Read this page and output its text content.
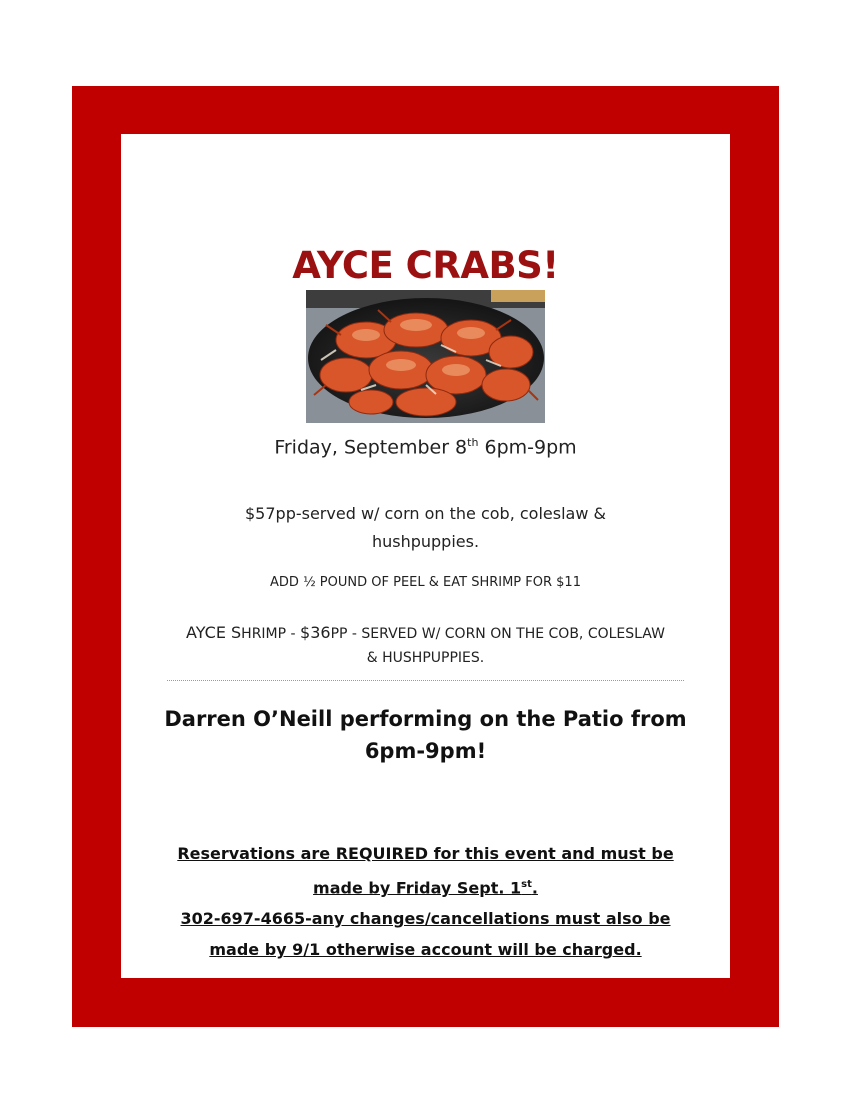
AYCE CRABS!
Friday, September 8th 6pm-9pm
$57pp-served w/ corn on the cob, coleslaw &
hushpuppies.
ADD ½ POUND OF PEEL & EAT SHRIMP FOR $11
AYCE SHRIMP - $36PP - SERVED W/ CORN ON THE COB, COLESLAW
& HUSHPUPPIES.
Darren O’Neill performing on the Patio from
6pm-9pm!
Reservations are REQUIRED for this event and must be
made by Friday Sept. 1st.
302-697-4665-any changes/cancellations must also be
made by 9/1 otherwise account will be charged.
